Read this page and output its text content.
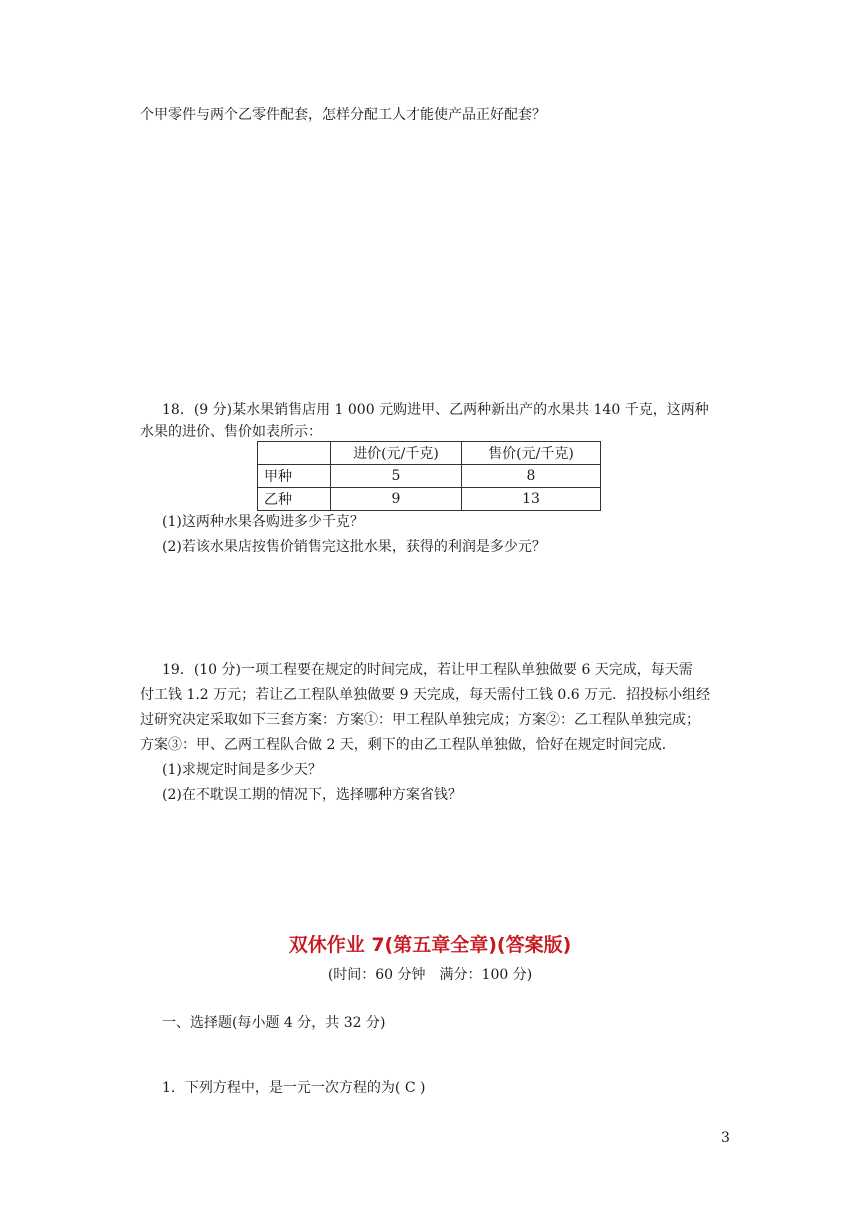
个甲零件与两个乙零件配套，怎样分配工人才能使产品正好配套？
18．(9 分)某水果销售店用 1 000 元购进甲、乙两种新出产的水果共 140 千克，这两种
水果的进价、售价如表所示：
	进价(元/千克)	售价(元/千克)
甲种	5	8
乙种	9	13
(1)这两种水果各购进多少千克？
(2)若该水果店按售价销售完这批水果，获得的利润是多少元？
19．(10 分)一项工程要在规定的时间完成，若让甲工程队单独做要 6 天完成，每天需
付工钱 1.2 万元；若让乙工程队单独做要 9 天完成，每天需付工钱 0.6 万元．招投标小组经
过研究决定采取如下三套方案：方案①：甲工程队单独完成；方案②：乙工程队单独完成；
方案③：甲、乙两工程队合做 2 天，剩下的由乙工程队单独做，恰好在规定时间完成．
(1)求规定时间是多少天？
(2)在不耽误工期的情况下，选择哪种方案省钱？
双休作业 7(第五章全章)(答案版)
(时间：60 分钟　满分：100 分)
一、选择题(每小题 4 分，共 32 分)
1．下列方程中，是一元一次方程的为( C )
3
